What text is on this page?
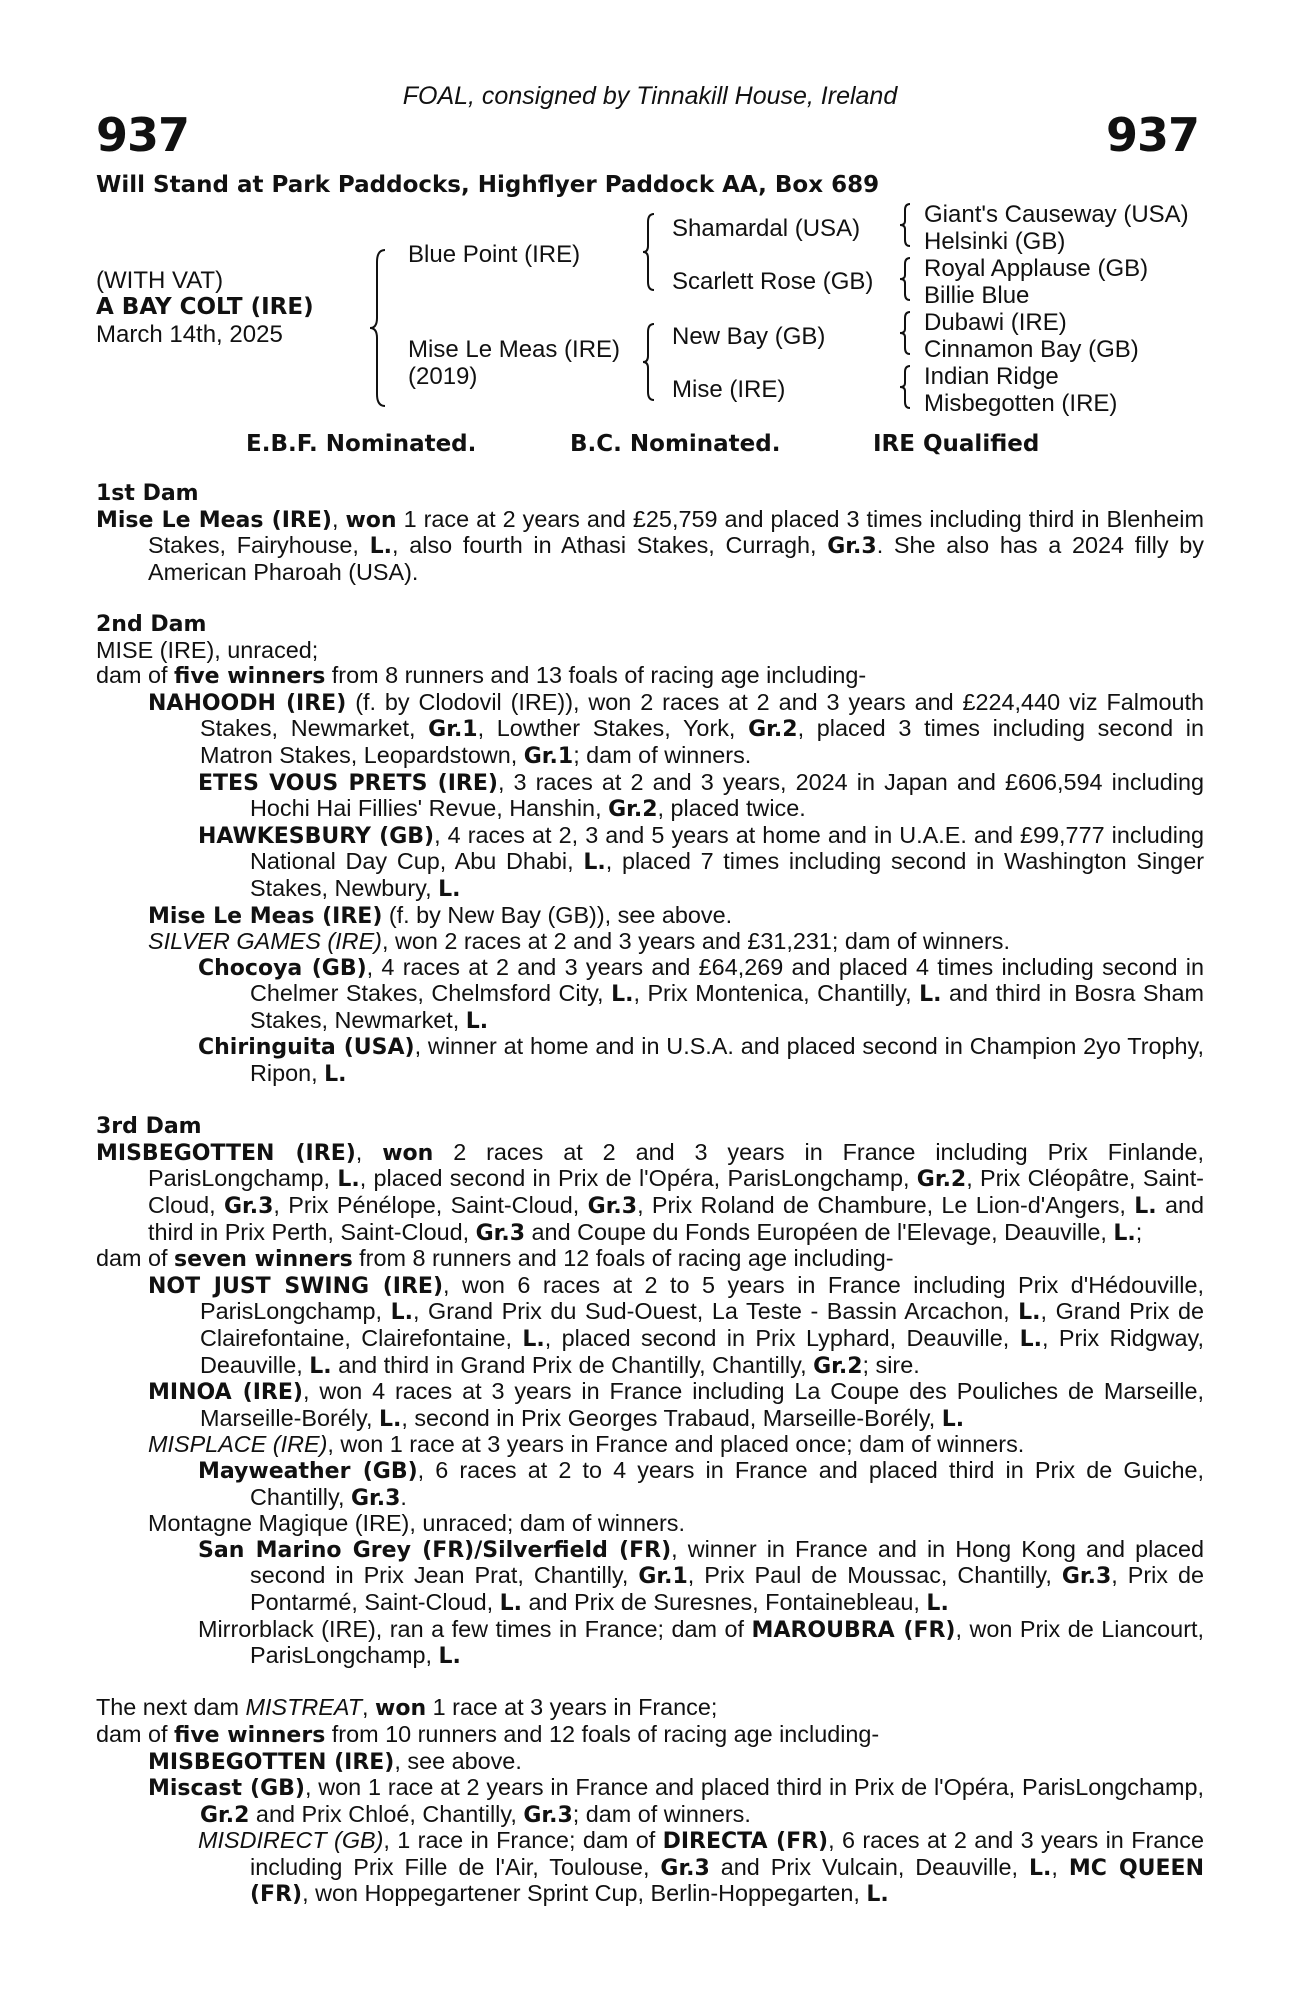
FOAL, consigned by Tinnakill House, Ireland
937	937
Will Stand at Park Paddocks, Highflyer Paddock AA, Box 689
(WITH VAT)
A BAY COLT (IRE)
March 14th, 2025
Blue Point (IRE)
Mise Le Meas (IRE)
(2019)
Shamardal (USA)
Scarlett Rose (GB)
New Bay (GB)
Mise (IRE)
Giant's Causeway (USA)
Helsinki (GB)
Royal Applause (GB)
Billie Blue
Dubawi (IRE)
Cinnamon Bay (GB)
Indian Ridge
Misbegotten (IRE)
E.B.F. Nominated.	B.C. Nominated.	IRE Qualified

1st Dam

Mise Le Meas (IRE), won 1 race at 2 years and £25,759 and placed 3 times including third in Blenheim Stakes, Fairyhouse, L., also fourth in Athasi Stakes, Curragh, Gr.3. She also has a 2024 filly by American Pharoah (USA).

2nd Dam

MISE (IRE), unraced;

dam of five winners from 8 runners and 13 foals of racing age including-

NAHOODH (IRE) (f. by Clodovil (IRE)), won 2 races at 2 and 3 years and £224,440 viz Falmouth Stakes, Newmarket, Gr.1, Lowther Stakes, York, Gr.2, placed 3 times including second in Matron Stakes, Leopardstown, Gr.1; dam of winners.

ETES VOUS PRETS (IRE), 3 races at 2 and 3 years, 2024 in Japan and £606,594 including Hochi Hai Fillies' Revue, Hanshin, Gr.2, placed twice.

HAWKESBURY (GB), 4 races at 2, 3 and 5 years at home and in U.A.E. and £99,777 including National Day Cup, Abu Dhabi, L., placed 7 times including second in Washington Singer Stakes, Newbury, L.

Mise Le Meas (IRE) (f. by New Bay (GB)), see above.

SILVER GAMES (IRE), won 2 races at 2 and 3 years and £31,231; dam of winners.

Chocoya (GB), 4 races at 2 and 3 years and £64,269 and placed 4 times including second in Chelmer Stakes, Chelmsford City, L., Prix Montenica, Chantilly, L. and third in Bosra Sham Stakes, Newmarket, L.

Chiringuita (USA), winner at home and in U.S.A. and placed second in Champion 2yo Trophy, Ripon, L.

3rd Dam

MISBEGOTTEN (IRE), won 2 races at 2 and 3 years in France including Prix Finlande, ParisLongchamp, L., placed second in Prix de l'Opéra, ParisLongchamp, Gr.2, Prix Cléopâtre, Saint-Cloud, Gr.3, Prix Pénélope, Saint-Cloud, Gr.3, Prix Roland de Chambure, Le Lion-d'Angers, L. and third in Prix Perth, Saint-Cloud, Gr.3 and Coupe du Fonds Européen de l'Elevage, Deauville, L.;

dam of seven winners from 8 runners and 12 foals of racing age including-

NOT JUST SWING (IRE), won 6 races at 2 to 5 years in France including Prix d'Hédouville, ParisLongchamp, L., Grand Prix du Sud-Ouest, La Teste - Bassin Arcachon, L., Grand Prix de Clairefontaine, Clairefontaine, L., placed second in Prix Lyphard, Deauville, L., Prix Ridgway, Deauville, L. and third in Grand Prix de Chantilly, Chantilly, Gr.2; sire.

MINOA (IRE), won 4 races at 3 years in France including La Coupe des Pouliches de Marseille, Marseille-Borély, L., second in Prix Georges Trabaud, Marseille-Borély, L.

MISPLACE (IRE), won 1 race at 3 years in France and placed once; dam of winners.

Mayweather (GB), 6 races at 2 to 4 years in France and placed third in Prix de Guiche, Chantilly, Gr.3.

Montagne Magique (IRE), unraced; dam of winners.

San Marino Grey (FR)/Silverfield (FR), winner in France and in Hong Kong and placed second in Prix Jean Prat, Chantilly, Gr.1, Prix Paul de Moussac, Chantilly, Gr.3, Prix de Pontarmé, Saint-Cloud, L. and Prix de Suresnes, Fontainebleau, L.

Mirrorblack (IRE), ran a few times in France; dam of MAROUBRA (FR), won Prix de Liancourt, ParisLongchamp, L.

The next dam MISTREAT, won 1 race at 3 years in France;

dam of five winners from 10 runners and 12 foals of racing age including-

MISBEGOTTEN (IRE), see above.

Miscast (GB), won 1 race at 2 years in France and placed third in Prix de l'Opéra, ParisLongchamp, Gr.2 and Prix Chloé, Chantilly, Gr.3; dam of winners.

MISDIRECT (GB), 1 race in France; dam of DIRECTA (FR), 6 races at 2 and 3 years in France including Prix Fille de l'Air, Toulouse, Gr.3 and Prix Vulcain, Deauville, L., MC QUEEN (FR), won Hoppegartener Sprint Cup, Berlin-Hoppegarten, L.
